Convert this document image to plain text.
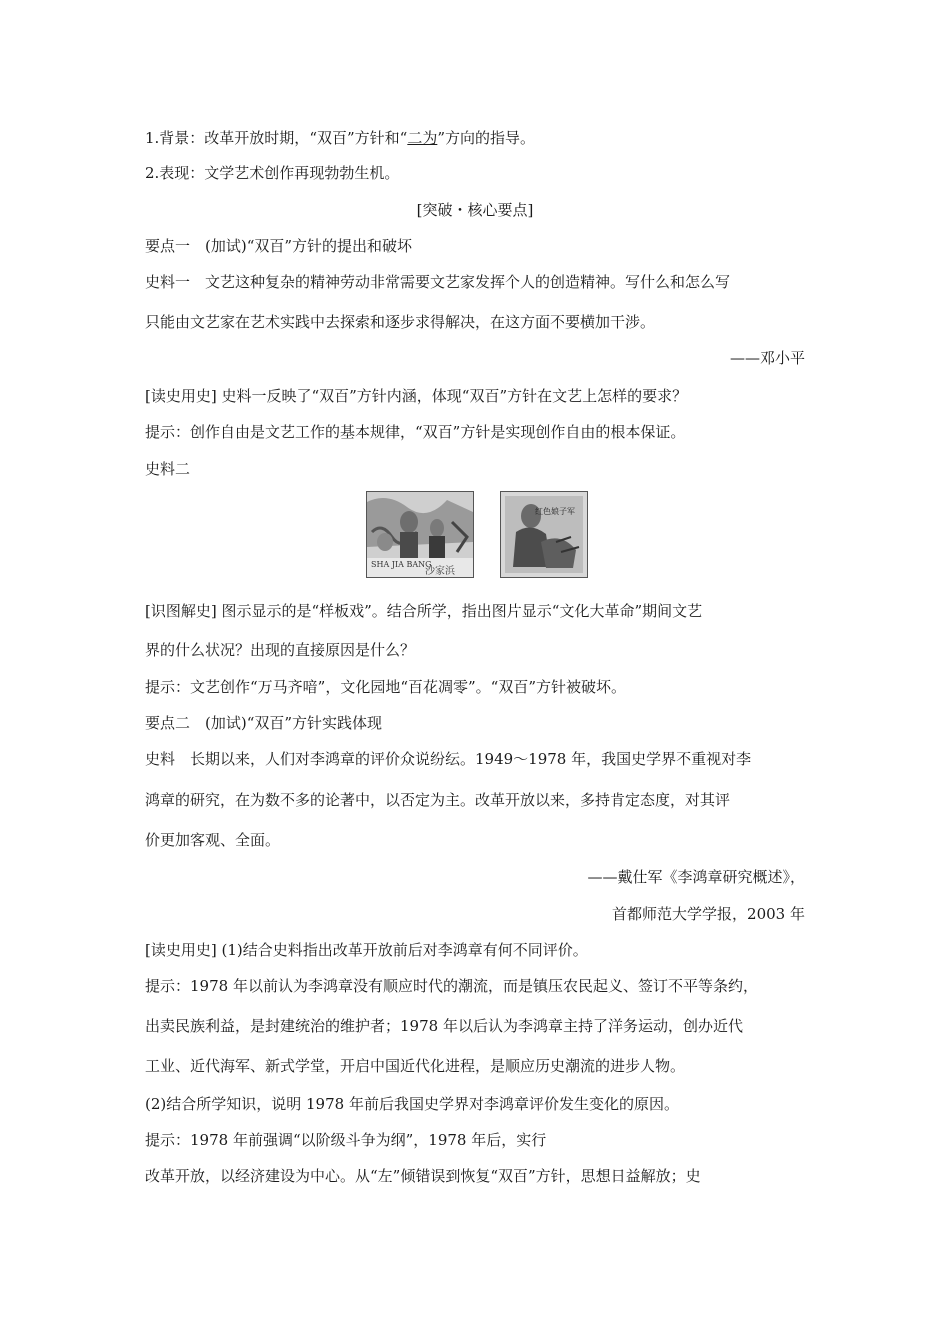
1.背景：改革开放时期，“双百”方针和“二为”方向的指导。
2.表现：文学艺术创作再现勃勃生机。
[突破・核心要点]
要点一　(加试)“双百”方针的提出和破坏
史料一　文艺这种复杂的精神劳动非常需要文艺家发挥个人的创造精神。写什么和怎么写
只能由文艺家在艺术实践中去探索和逐步求得解决，在这方面不要横加干涉。
——邓小平
[读史用史] 史料一反映了“双百”方针内涵，体现“双百”方针在文艺上怎样的要求？
提示：创作自由是文艺工作的基本规律，“双百”方针是实现创作自由的根本保证。
史料二
SHA JIA BANG
沙家浜
红色娘子军
[识图解史] 图示显示的是“样板戏”。结合所学，指出图片显示“文化大革命”期间文艺
界的什么状况？出现的直接原因是什么？
提示：文艺创作“万马齐喑”，文化园地“百花凋零”。“双百”方针被破坏。
要点二　(加试)“双百”方针实践体现
史料　长期以来，人们对李鸿章的评价众说纷纭。1949～1978 年，我国史学界不重视对李
鸿章的研究，在为数不多的论著中，以否定为主。改革开放以来，多持肯定态度，对其评
价更加客观、全面。
——戴仕军《李鸿章研究概述》，
首都师范大学学报，2003 年
[读史用史] (1)结合史料指出改革开放前后对李鸿章有何不同评价。
提示：1978 年以前认为李鸿章没有顺应时代的潮流，而是镇压农民起义、签订不平等条约，
出卖民族利益，是封建统治的维护者；1978 年以后认为李鸿章主持了洋务运动，创办近代
工业、近代海军、新式学堂，开启中国近代化进程，是顺应历史潮流的进步人物。
(2)结合所学知识，说明 1978 年前后我国史学界对李鸿章评价发生变化的原因。
提示：1978 年前强调“以阶级斗争为纲”，1978 年后，实行
改革开放，以经济建设为中心。从“左”倾错误到恢复“双百”方针，思想日益解放；史
